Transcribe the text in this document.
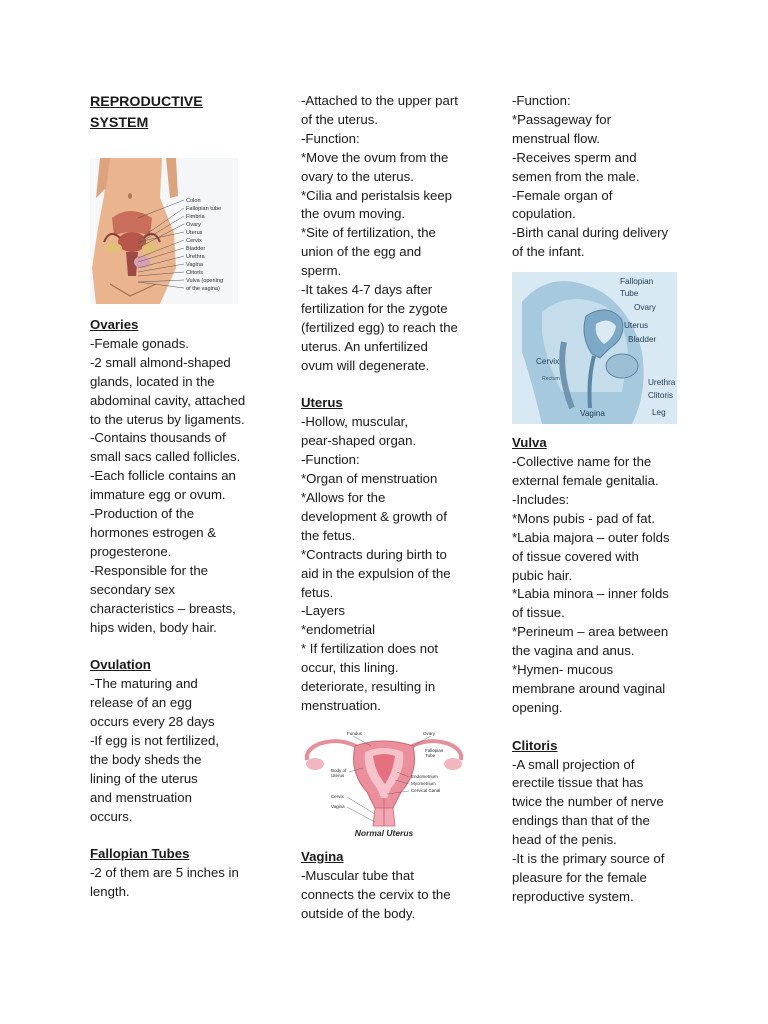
REPRODUCTIVE
SYSTEM
Colon
Fallopian tube
Fimbria
Ovary
Uterus
Cervix
Bladder
Urethra
Vagina
Clitoris
Vulva (opening
of the vagina)
Ovaries
-Female gonads.
-2 small almond-shaped
glands, located in the
abdominal cavity, attached
to the uterus by ligaments.
-Contains thousands of
small sacs called follicles.
-Each follicle contains an
immature egg or ovum.
-Production of the
hormones estrogen &
progesterone.
-Responsible for the
secondary sex
characteristics – breasts,
hips widen, body hair.
Ovulation
-The maturing and
release of an egg
occurs every 28 days
-If egg is not fertilized,
the body sheds the
lining of the uterus
and menstruation
occurs.
Fallopian Tubes
-2 of them are 5 inches in
length.
-Attached to the upper part
of the uterus.
-Function:
*Move the ovum from the
ovary to the uterus.
*Cilia and peristalsis keep
the ovum moving.
*Site of fertilization, the
union of the egg and
sperm.
-It takes 4-7 days after
fertilization for the zygote
(fertilized egg) to reach the
uterus. An unfertilized
ovum will degenerate.
Uterus
-Hollow, muscular,
pear-shaped organ.
-Function:
*Organ of menstruation
*Allows for the
development & growth of
the fetus.
*Contracts during birth to
aid in the expulsion of the
fetus.
-Layers
*endometrial
* If fertilization does not
occur, this lining.
deteriorate, resulting in
menstruation.
Fundus	Ovary
Fallopian
Tube
Body of
Uterus	Endometrium
Myometrium
Cervical Canal
Cervix
Vagina
Normal Uterus
Vagina
-Muscular tube that
connects the cervix to the
outside of the body.
-Function:
*Passageway for
menstrual flow.
-Receives sperm and
semen from the male.
-Female organ of
copulation.
-Birth canal during delivery
of the infant.
Fallopian
Tube
Ovary
Uterus
Bladder
Cervix
Rectum	Urethra
Clitoris
Vagina	Leg
Vulva
-Collective name for the
external female genitalia.
-Includes:
*Mons pubis - pad of fat.
*Labia majora – outer folds
of tissue covered with
pubic hair.
*Labia minora – inner folds
of tissue.
*Perineum – area between
the vagina and anus.
*Hymen- mucous
membrane around vaginal
opening.
Clitoris
-A small projection of
erectile tissue that has
twice the number of nerve
endings than that of the
head of the penis.
-It is the primary source of
pleasure for the female
reproductive system.
